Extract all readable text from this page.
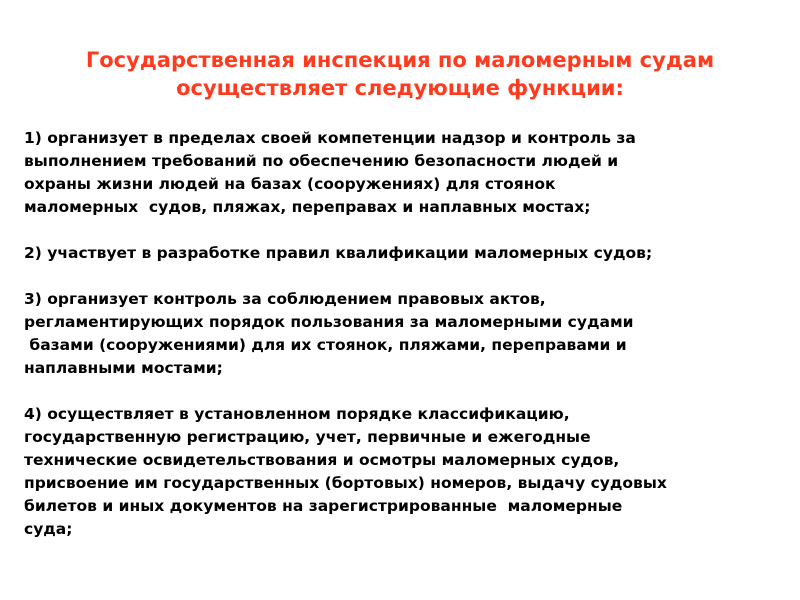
Государственная инспекция по маломерным судам
осуществляет следующие функции:
1) организует в пределах своей компетенции надзор и контроль за
выполнением требований по обеспечению безопасности людей и
охраны жизни людей на базах (сооружениях) для стоянок
маломерных  судов, пляжах, переправах и наплавных мостах;
2) участвует в разработке правил квалификации маломерных судов;
3) организует контроль за соблюдением правовых актов,
регламентирующих порядок пользования за маломерными судами
базами (сооружениями) для их стоянок, пляжами, переправами и
наплавными мостами;
4) осуществляет в установленном порядке классификацию,
государственную регистрацию, учет, первичные и ежегодные
технические освидетельствования и осмотры маломерных судов,
присвоение им государственных (бортовых) номеров, выдачу судовых
билетов и иных документов на зарегистрированные  маломерные
суда;
